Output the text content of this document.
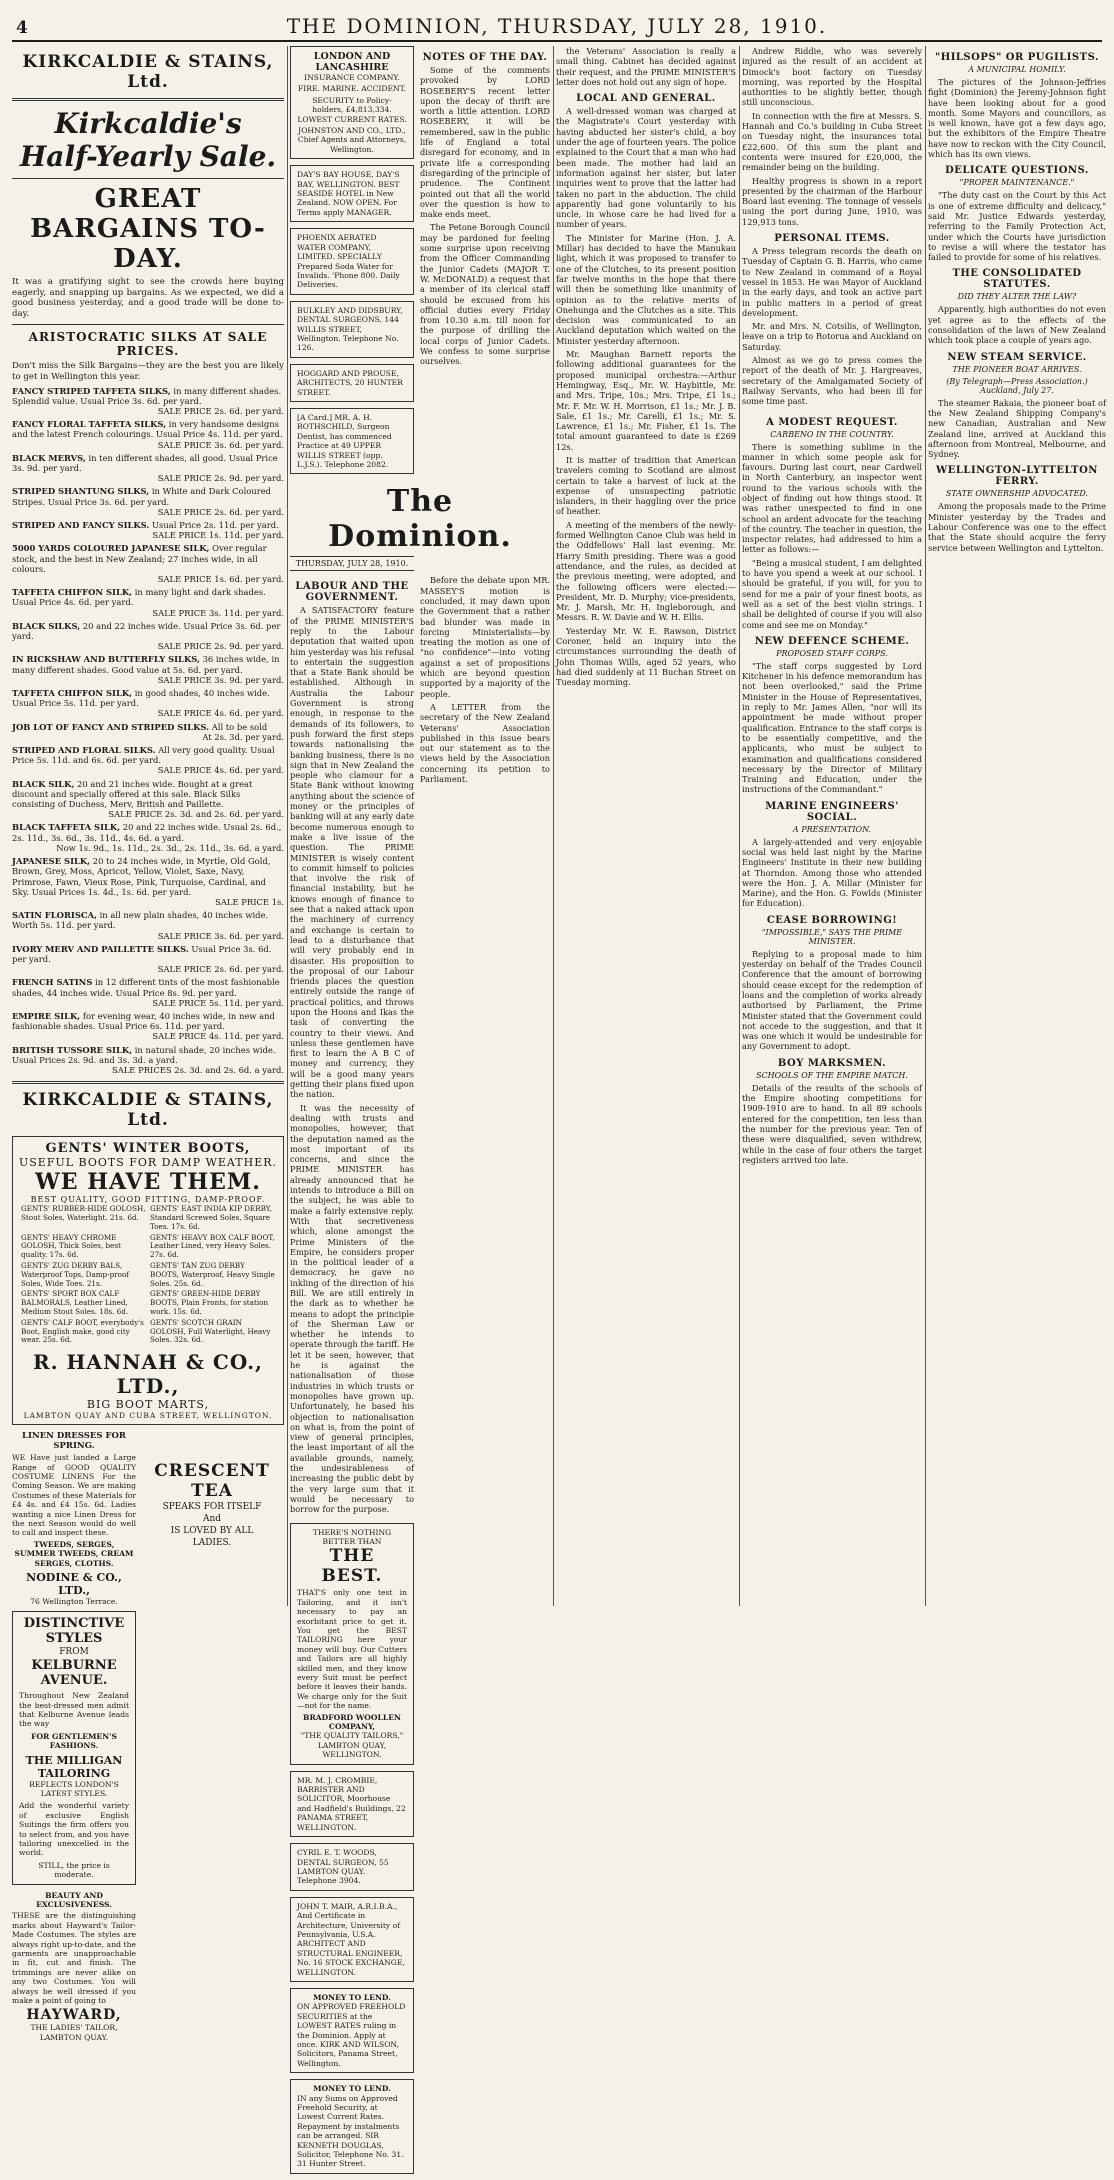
4	THE DOMINION, THURSDAY, JULY 28, 1910.
KIRKCALDIE & STAINS, Ltd.
Kirkcaldie's Half-Yearly Sale.
GREAT BARGAINS TO-DAY.
It was a gratifying sight to see the crowds here buying eagerly, and snapping up bargains. As we expected, we did a good business yesterday, and a good trade will be done to-day.
ARISTOCRATIC SILKS AT SALE PRICES.
Don't miss the Silk Bargains—they are the best you are likely to get in Wellington this year.
FANCY STRIPED TAFFETA SILKS, in many different shades. Splendid value. Usual Price 3s. 6d. per yard.
SALE PRICE 2s. 6d. per yard.
FANCY FLORAL TAFFETA SILKS, in very handsome designs and the latest French colourings. Usual Price 4s. 11d. per yard.
SALE PRICE 3s. 6d. per yard.
BLACK MERVS, in ten different shades, all good. Usual Price 3s. 9d. per yard.
SALE PRICE 2s. 9d. per yard.
STRIPED SHANTUNG SILKS, in White and Dark Coloured Stripes. Usual Price 3s. 6d. per yard.
SALE PRICE 2s. 6d. per yard.
STRIPED AND FANCY SILKS. Usual Price 2s. 11d. per yard.
SALE PRICE 1s. 11d. per yard.
5000 YARDS COLOURED JAPANESE SILK, Over regular stock, and the best in New Zealand; 27 inches wide, in all colours.
SALE PRICE 1s. 6d. per yard.
TAFFETA CHIFFON SILK, in many light and dark shades. Usual Price 4s. 6d. per yard.
SALE PRICE 3s. 11d. per yard.
BLACK SILKS, 20 and 22 inches wide. Usual Price 3s. 6d. per yard.
SALE PRICE 2s. 9d. per yard.
IN RICKSHAW AND BUTTERFLY SILKS, 36 inches wide, in many different shades. Good value at 5s. 6d. per yard.
SALE PRICE 3s. 9d. per yard.
TAFFETA CHIFFON SILK, in good shades, 40 inches wide. Usual Price 5s. 11d. per yard.
SALE PRICE 4s. 6d. per yard.
JOB LOT OF FANCY AND STRIPED SILKS. All to be sold
At 2s. 3d. per yard.
STRIPED AND FLORAL SILKS. All very good quality. Usual Price 5s. 11d. and 6s. 6d. per yard.
SALE PRICE 4s. 6d. per yard.
BLACK SILK, 20 and 21 inches wide. Bought at a great discount and specially offered at this sale. Black Silks consisting of Duchess, Merv, British and Paillette.
SALE PRICE 2s. 3d. and 2s. 6d. per yard.
BLACK TAFFETA SILK, 20 and 22 inches wide. Usual 2s. 6d., 2s. 11d., 3s. 6d., 3s. 11d., 4s. 6d. a yard.
Now 1s. 9d., 1s. 11d., 2s. 3d., 2s. 11d., 3s. 6d. a yard.
JAPANESE SILK, 20 to 24 inches wide, in Myrtle, Old Gold, Brown, Grey, Moss, Apricot, Yellow, Violet, Saxe, Navy, Primrose, Fawn, Vieux Rose, Pink, Turquoise, Cardinal, and Sky. Usual Prices 1s. 4d., 1s. 6d. per yard.
SALE PRICE 1s.
SATIN FLORISCA, in all new plain shades, 40 inches wide. Worth 5s. 11d. per yard.
SALE PRICE 3s. 6d. per yard.
IVORY MERV AND PAILLETTE SILKS. Usual Price 3s. 6d. per yard.
SALE PRICE 2s. 6d. per yard.
FRENCH SATINS in 12 different tints of the most fashionable shades, 44 inches wide. Usual Price 8s. 9d. per yard.
SALE PRICE 5s. 11d. per yard.
EMPIRE SILK, for evening wear, 40 inches wide, in new and fashionable shades. Usual Price 6s. 11d. per yard.
SALE PRICE 4s. 11d. per yard.
BRITISH TUSSORE SILK, in natural shade, 20 inches wide. Usual Prices 2s. 9d. and 3s. 3d. a yard.
SALE PRICES 2s. 3d. and 2s. 6d. a yard.
KIRKCALDIE & STAINS, Ltd.
GENTS' WINTER BOOTS,
USEFUL BOOTS FOR DAMP WEATHER.
WE HAVE THEM.
BEST QUALITY, GOOD FITTING, DAMP-PROOF.
GENTS' RUBBER-HIDE GOLOSH, Stout Soles, Waterlight. 21s. 6d.	GENTS' EAST INDIA KIP DERBY, Standard Screwed Soles, Square Toes. 17s. 6d.
GENTS' HEAVY CHROME GOLOSH, Thick Soles, best quality. 17s. 6d.	GENTS' HEAVY BOX CALF BOOT, Leather Lined, very Heavy Soles. 27s. 6d.
GENTS' ZUG DERBY BALS, Waterproof Tops, Damp-proof Soles, Wide Toes. 21s.	GENTS' TAN ZUG DERBY BOOTS, Waterproof, Heavy Single Soles. 25s. 6d.
GENTS' SPORT BOX CALF BALMORALS, Leather Lined, Medium Stout Soles. 18s. 6d.	GENTS' GREEN-HIDE DERBY BOOTS, Plain Fronts, for station work. 15s. 6d.
GENTS' CALF BOOT, everybody's Boot, English make, good city wear. 25s. 6d.	GENTS' SCOTCH GRAIN GOLOSH, Full Waterlight, Heavy Soles. 32s. 6d.
R. HANNAH & CO., LTD.,
BIG BOOT MARTS,
LAMBTON QUAY AND CUBA STREET, WELLINGTON.
LINEN DRESSES FOR SPRING.
WE Have just landed a Large Range of GOOD QUALITY COSTUME LINENS For the Coming Season. We are making Costumes of these Materials for £4 4s. and £4 15s. 6d. Ladies wanting a nice Linen Dress for the next Season would do well to call and inspect these.
TWEEDS, SERGES, SUMMER TWEEDS, CREAM SERGES, CLOTHS.
NODINE & CO., LTD.,
76 Wellington Terrace.
CRESCENT TEA
SPEAKS FOR ITSELF
And
IS LOVED BY ALL
LADIES.
DISTINCTIVE
STYLES
FROM
KELBURNE
AVENUE.
Throughout New Zealand the best-dressed men admit that Kelburne Avenue leads the way
FOR GENTLEMEN'S FASHIONS.
THE MILLIGAN TAILORING
REFLECTS LONDON'S LATEST STYLES.
Add the wonderful variety of exclusive English Suitings the firm offers you to select from, and you have tailoring unexcelled in the world.
STILL, the price is moderate.
BEAUTY AND EXCLUSIVENESS.
THESE are the distinguishing marks about Hayward's Tailor-Made Costumes. The styles are always right up-to-date, and the garments are unapproachable in fit, cut and finish. The trimmings are never alike on any two Costumes. You will always be well dressed if you make a point of going to
HAYWARD,
THE LADIES' TAILOR,
LAMBTON QUAY.
LONDON AND LANCASHIRE
INSURANCE COMPANY.
FIRE. MARINE. ACCIDENT.
SECURITY to Policy-holders, £4,813,334.
LOWEST CURRENT RATES.
JOHNSTON AND CO., LTD., Chief Agents and Attorneys, Wellington.
DAY'S BAY HOUSE, DAY'S BAY, WELLINGTON. BEST SEASIDE HOTEL in New Zealand. NOW OPEN. For Terms apply MANAGER.
PHOENIX AERATED WATER COMPANY, LIMITED. SPECIALLY Prepared Soda Water for Invalids. 'Phone 800. Daily Deliveries.
BULKLEY AND DIDSBURY, DENTAL SURGEONS, 144 WILLIS STREET, Wellington. Telephone No. 126.
HOGGARD AND PROUSE, ARCHITECTS, 20 HUNTER STREET.
[A Card.] MR. A. H. ROTHSCHILD, Surgeon Dentist, has commenced Practice at 49 UPPER WILLIS STREET (opp. L.J.S.). Telephone 2082.
NOTES OF THE DAY.
Some of the comments provoked by LORD ROSEBERY'S recent letter upon the decay of thrift are worth a little attention. LORD ROSEBERY, it will be remembered, saw in the public life of England a total disregard for economy, and in private life a corresponding disregarding of the principle of prudence. The Continent pointed out that all the world over the question is how to make ends meet.
The Petone Borough Council may be pardoned for feeling some surprise upon receiving from the Officer Commanding the Junior Cadets (MAJOR T. W. McDONALD) a request that a member of its clerical staff should be excused from his official duties every Friday from 10.30 a.m. till noon for the purpose of drilling the local corps of Junior Cadets. We confess to some surprise ourselves.
The Dominion.
THURSDAY, JULY 28, 1910.
LABOUR AND THE GOVERNMENT.
A SATISFACTORY feature of the PRIME MINISTER'S reply to the Labour deputation that waited upon him yesterday was his refusal to entertain the suggestion that a State Bank should be established. Although in Australia the Labour Government is strong enough, in response to the demands of its followers, to push forward the first steps towards nationalising the banking business, there is no sign that in New Zealand the people who clamour for a State Bank without knowing anything about the science of money or the principles of banking will at any early date become numerous enough to make a live issue of the question. The PRIME MINISTER is wisely content to commit himself to policies that involve the risk of financial instability, but he knows enough of finance to see that a naked attack upon the machinery of currency and exchange is certain to lead to a disturbance that will very probably end in disaster. His proposition to the proposal of our Labour friends places the question entirely outside the range of practical politics, and throws upon the Hoons and Ikas the task of converting the country to their views. And unless these gentlemen have first to learn the A B C of money and currency, they will be a good many years getting their plans fixed upon the nation.
It was the necessity of dealing with trusts and monopolies, however, that the deputation named as the most important of its concerns, and since the PRIME MINISTER has already announced that he intends to introduce a Bill on the subject, he was able to make a fairly extensive reply. With that secretiveness which, alone amongst the Prime Ministers of the Empire, he considers proper in the political leader of a democracy, he gave no inkling of the direction of his Bill. We are still entirely in the dark as to whether he means to adopt the principle of the Sherman Law or whether he intends to operate through the tariff. He let it be seen, however, that he is against the nationalisation of those industries in which trusts or monopolies have grown up. Unfortunately, he based his objection to nationalisation on what is, from the point of view of general principles, the least important of all the available grounds, namely, the undesirableness of increasing the public debt by the very large sum that it would be necessary to borrow for the purpose.
THERE'S NOTHING BETTER THAN
THE BEST.
THAT'S only one test in Tailoring, and it isn't necessary to pay an exorbitant price to get it. You get the BEST TAILORING here your money will buy. Our Cutters and Tailors are all highly skilled men, and they know every Suit must be perfect before it leaves their hands. We charge only for the Suit—not for the name.
BRADFORD WOOLLEN COMPANY,
"THE QUALITY TAILORS,"
LAMBTON QUAY, WELLINGTON.
MR. M. J. CROMBIE, BARRISTER AND SOLICITOR, Moorhouse and Hadfield's Buildings, 22 PANAMA STREET, WELLINGTON.
CYRIL E. T. WOODS, DENTAL SURGEON, 55 LAMBTON QUAY. Telephone 3904.
JOHN T. MAIR, A.R.I.B.A., And Certificate in Architecture, University of Pennsylvania, U.S.A. ARCHITECT AND STRUCTURAL ENGINEER, No. 16 STOCK EXCHANGE, WELLINGTON.
MONEY TO LEND.
ON APPROVED FREEHOLD SECURITIES at the LOWEST RATES ruling in the Dominion. Apply at once. KIRK AND WILSON, Solicitors, Panama Street, Wellington.
MONEY TO LEND.
IN any Sums on Approved Freehold Security, at Lowest Current Rates. Repayment by instalments can be arranged. SIR KENNETH DOUGLAS, Solicitor, Telephone No. 31. 31 Hunter Street.
Before the debate upon MR. MASSEY'S motion is concluded, it may dawn upon the Government that a rather bad blunder was made in forcing Ministerialists—by treating the motion as one of "no confidence"—into voting against a set of propositions which are beyond question supported by a majority of the people.
A LETTER from the secretary of the New Zealand Veterans' Association published in this issue bears out our statement as to the views held by the Association concerning its petition to Parliament.
the Veterans' Association is really a small thing. Cabinet has decided against their request, and the PRIME MINISTER'S letter does not hold out any sign of hope.
LOCAL AND GENERAL.
A well-dressed woman was charged at the Magistrate's Court yesterday with having abducted her sister's child, a boy under the age of fourteen years. The police explained to the Court that a man who had been made. The mother had laid an information against her sister, but later inquiries went to prove that the latter had taken no part in the abduction. The child apparently had gone voluntarily to his uncle, in whose care he had lived for a number of years.
The Minister for Marine (Hon. J. A. Millar) has decided to have the Manukau light, which it was proposed to transfer to one of the Clutches, to its present position far twelve months in the hope that there will then be something like unanimity of opinion as to the relative merits of Onehunga and the Clutches as a site. This decision was communicated to an Auckland deputation which waited on the Minister yesterday afternoon.
Mr. Maughan Barnett reports the following additional guarantees for the proposed municipal orchestra:—Arthur Hemingway, Esq., Mr. W. Haybittle, Mr. and Mrs. Tripe, 10s.; Mrs. Tripe, £1 1s.; Mr. F. Mr. W. H. Morrison, £1 1s.; Mr. J. B. Sale, £1 1s.; Mr. Carelli, £1 1s.; Mr. S. Lawrence, £1 1s.; Mr. Fisher, £1 1s. The total amount guaranteed to date is £269 12s.
It is matter of tradition that American travelers coming to Scotland are almost certain to take a harvest of luck at the expense of unsuspecting patriotic islanders, in their haggling over the price of heather.
A meeting of the members of the newly-formed Wellington Canoe Club was held in the Oddfellows' Hall last evening. Mr. Harry Smith presiding. There was a good attendance, and the rules, as decided at the previous meeting, were adopted, and the following officers were elected:—President, Mr. D. Murphy; vice-presidents, Mr. J. Marsh, Mr. H. Ingleborough, and Messrs. R. W. Davie and W. H. Ellis.
Yesterday Mr. W. E. Rawson, District Coroner, held an inquiry into the circumstances surrounding the death of John Thomas Wills, aged 52 years, who had died suddenly at 11 Buchan Street on Tuesday morning.
Andrew Riddie, who was severely injured as the result of an accident at Dimock's boot factory on Tuesday morning, was reported by the Hospital authorities to be slightly better, though still unconscious.
In connection with the fire at Messrs. S. Hannah and Co.'s building in Cuba Street on Tuesday night, the insurances total £22,600. Of this sum the plant and contents were insured for £20,000, the remainder being on the building.
Healthy progress is shown in a report presented by the chairman of the Harbour Board last evening. The tonnage of vessels using the port during June, 1910, was 129,913 tons.
PERSONAL ITEMS.
A Press telegram records the death on Tuesday of Captain G. B. Harris, who came to New Zealand in command of a Royal vessel in 1853. He was Mayor of Auckland in the early days, and took an active part in public matters in a period of great development.
Mr. and Mrs. N. Cotsilis, of Wellington, leave on a trip to Rotorua and Auckland on Saturday.
Almost as we go to press comes the report of the death of Mr. J. Hargreaves, secretary of the Amalgamated Society of Railway Servants, who had been ill for some time past.
A MODEST REQUEST.
CARBENO IN THE COUNTRY.
There is something sublime in the manner in which some people ask for favours. During last court, near Cardwell in North Canterbury, an inspector went round to the various schools with the object of finding out how things stood. It was rather unexpected to find in one school an ardent advocate for the teaching of the country. The teacher in question, the inspector relates, had addressed to him a letter as follows:—
"Being a musical student, I am delighted to have you spend a week at our school. I should be grateful, if you will, for you to send for me a pair of your finest boots, as well as a set of the best violin strings. I shall be delighted of course if you will also come and see me on Monday."
NEW DEFENCE SCHEME.
PROPOSED STAFF CORPS.
"The staff corps suggested by Lord Kitchener in his defence memorandum has not been overlooked," said the Prime Minister in the House of Representatives, in reply to Mr. James Allen, "nor will its appointment be made without proper qualification. Entrance to the staff corps is to be essentially competitive, and the applicants, who must be subject to examination and qualifications considered necessary by the Director of Military Training and Education, under the instructions of the Commandant."
MARINE ENGINEERS' SOCIAL.
A PRESENTATION.
A largely-attended and very enjoyable social was held last night by the Marine Engineers' Institute in their new building at Thorndon. Among those who attended were the Hon. J. A. Millar (Minister for Marine), and the Hon. G. Fowlds (Minister for Education).
CEASE BORROWING!
"IMPOSSIBLE," SAYS THE PRIME MINISTER.
Replying to a proposal made to him yesterday on behalf of the Trades Council Conference that the amount of borrowing should cease except for the redemption of loans and the completion of works already authorised by Parliament, the Prime Minister stated that the Government could not accede to the suggestion, and that it was one which it would be undesirable for any Government to adopt.
BOY MARKSMEN.
SCHOOLS OF THE EMPIRE MATCH.
Details of the results of the schools of the Empire shooting competitions for 1909-1910 are to hand. In all 89 schools entered for the competition, ten less than the number for the previous year. Ten of these were disqualified, seven withdrew, while in the case of four others the target registers arrived too late.
"HILSOPS" OR PUGILISTS.
A MUNICIPAL HOMILY.
The pictures of the Johnson-Jeffries fight (Dominion) the Jeremy-Johnson fight have been looking about for a good month. Some Mayors and councillors, as is well known, have got a few days ago, but the exhibitors of the Empire Theatre have now to reckon with the City Council, which has its own views.
DELICATE QUESTIONS.
"PROPER MAINTENANCE."
"The duty cast on the Court by this Act is one of extreme difficulty and delicacy," said Mr. Justice Edwards yesterday, referring to the Family Protection Act, under which the Courts have jurisdiction to revise a will where the testator has failed to provide for some of his relatives.
THE CONSOLIDATED STATUTES.
DID THEY ALTER THE LAW?
Apparently, high authorities do not even yet agree as to the effects of the consolidation of the laws of New Zealand which took place a couple of years ago.
NEW STEAM SERVICE.
THE PIONEER BOAT ARRIVES.
(By Telegraph—Press Association.) Auckland, July 27.
The steamer Rakaia, the pioneer boat of the New Zealand Shipping Company's new Canadian, Australian and New Zealand line, arrived at Auckland this afternoon from Montreal, Melbourne, and Sydney.
WELLINGTON-LYTTELTON FERRY.
STATE OWNERSHIP ADVOCATED.
Among the proposals made to the Prime Minister yesterday by the Trades and Labour Conference was one to the effect that the State should acquire the ferry service between Wellington and Lyttelton.
